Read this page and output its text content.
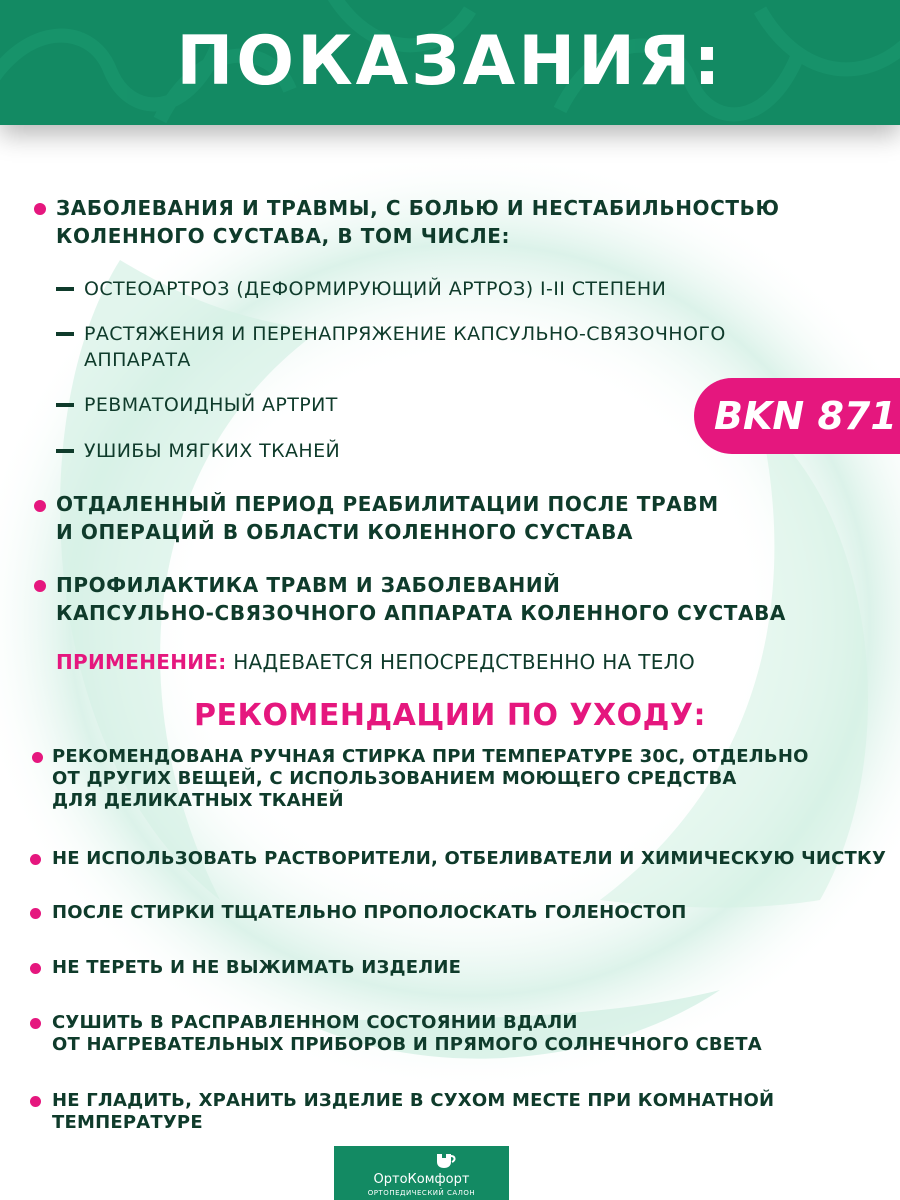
ПОКАЗАНИЯ:
ЗАБОЛЕВАНИЯ И ТРАВМЫ, С БОЛЬЮ И НЕСТАБИЛЬНОСТЬЮ
КОЛЕННОГО СУСТАВА, В ТОМ ЧИСЛЕ:
ОСТЕОАРТРОЗ (ДЕФОРМИРУЮЩИЙ АРТРОЗ) I-II СТЕПЕНИ
РАСТЯЖЕНИЯ И ПЕРЕНАПРЯЖЕНИЕ КАПСУЛЬНО-СВЯЗОЧНОГО
АППАРАТА
РЕВМАТОИДНЫЙ АРТРИТ
УШИБЫ МЯГКИХ ТКАНЕЙ
BKN 871
ОТДАЛЕННЫЙ ПЕРИОД РЕАБИЛИТАЦИИ ПОСЛЕ ТРАВМ
И ОПЕРАЦИЙ В ОБЛАСТИ КОЛЕННОГО СУСТАВА
ПРОФИЛАКТИКА ТРАВМ И ЗАБОЛЕВАНИЙ
КАПСУЛЬНО-СВЯЗОЧНОГО АППАРАТА КОЛЕННОГО СУСТАВА
ПРИМЕНЕНИЕ: НАДЕВАЕТСЯ НЕПОСРЕДСТВЕННО НА ТЕЛО
РЕКОМЕНДАЦИИ ПО УХОДУ:
РЕКОМЕНДОВАНА РУЧНАЯ СТИРКА ПРИ ТЕМПЕРАТУРЕ 30С, ОТДЕЛЬНО
ОТ ДРУГИХ ВЕЩЕЙ, С ИСПОЛЬЗОВАНИЕМ МОЮЩЕГО СРЕДСТВА
ДЛЯ ДЕЛИКАТНЫХ ТКАНЕЙ
НЕ ИСПОЛЬЗОВАТЬ РАСТВОРИТЕЛИ, ОТБЕЛИВАТЕЛИ И ХИМИЧЕСКУЮ ЧИСТКУ
ПОСЛЕ СТИРКИ ТЩАТЕЛЬНО ПРОПОЛОСКАТЬ ГОЛЕНОСТОП
НЕ ТЕРЕТЬ И НЕ ВЫЖИМАТЬ ИЗДЕЛИЕ
СУШИТЬ В РАСПРАВЛЕННОМ СОСТОЯНИИ ВДАЛИ
ОТ НАГРЕВАТЕЛЬНЫХ ПРИБОРОВ И ПРЯМОГО СОЛНЕЧНОГО СВЕТА
НЕ ГЛАДИТЬ, ХРАНИТЬ ИЗДЕЛИЕ В СУХОМ МЕСТЕ ПРИ КОМНАТНОЙ
ТЕМПЕРАТУРЕ
ОртоКомфорт
ОРТОПЕДИЧЕСКИЙ САЛОН
